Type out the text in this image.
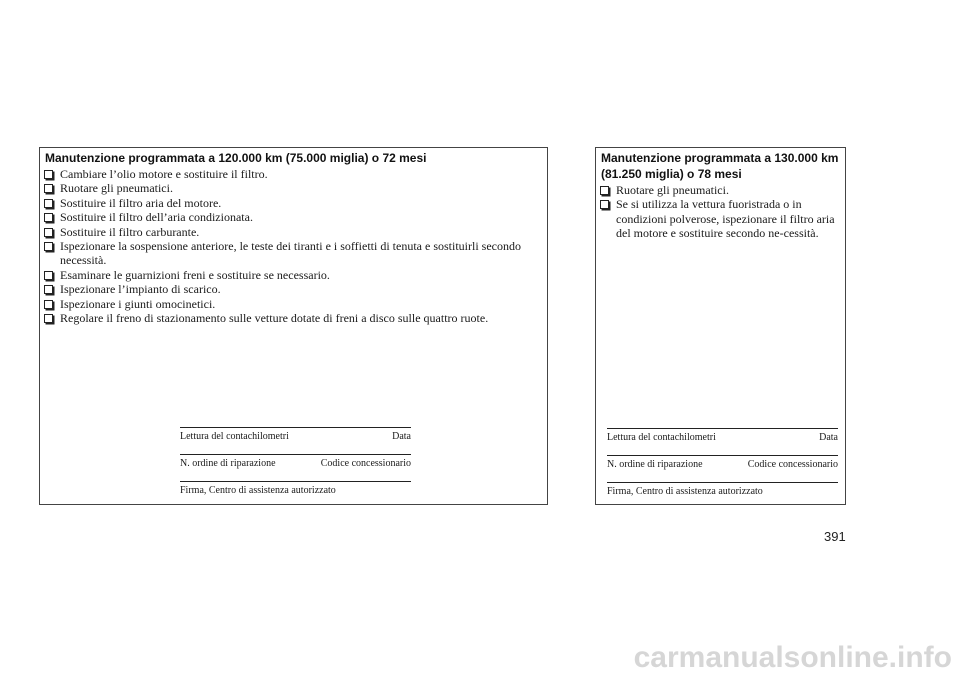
Manutenzione programmata a 120.000 km (75.000 miglia) o 72 mesi
Cambiare l’olio motore e sostituire il filtro.
Ruotare gli pneumatici.
Sostituire il filtro aria del motore.
Sostituire il filtro dell’aria condizionata.
Sostituire il filtro carburante.
Ispezionare la sospensione anteriore, le teste dei tiranti e i soffietti di tenuta e sostituirli secondo necessità.
Esaminare le guarnizioni freni e sostituire se necessario.
Ispezionare l’impianto di scarico.
Ispezionare i giunti omocinetici.
Regolare il freno di stazionamento sulle vetture dotate di freni a disco sulle quattro ruote.
Lettura del contachilometri	Data
N. ordine di riparazione	Codice concessionario
Firma, Centro di assistenza autorizzato
Manutenzione programmata a 130.000 km (81.250 miglia) o 78 mesi
Ruotare gli pneumatici.
Se si utilizza la vettura fuoristrada o in condizioni polverose, ispezionare il filtro aria del motore e sostituire secondo ne-cessità.
Lettura del contachilometri	Data
N. ordine di riparazione	Codice concessionario
Firma, Centro di assistenza autorizzato
391
carmanualsonline.info
